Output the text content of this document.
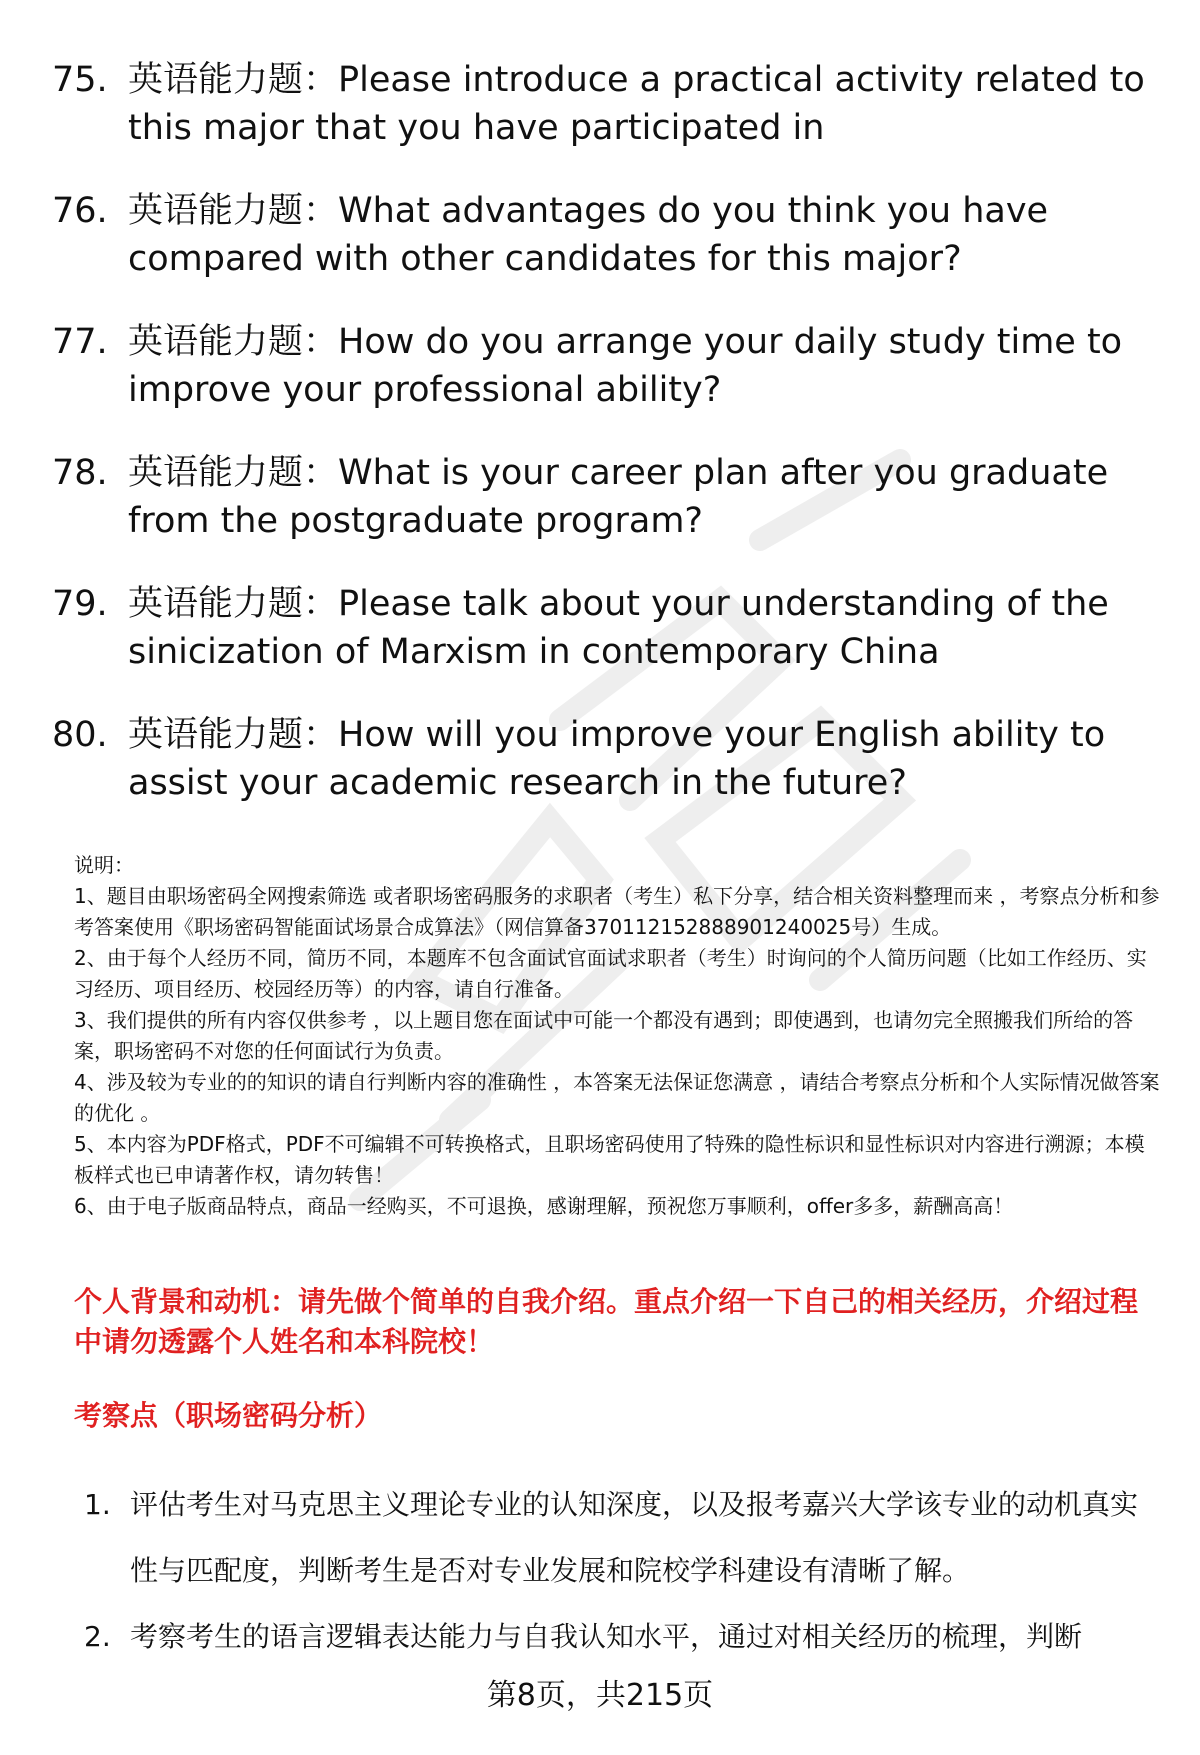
75. 英语能力题：Please introduce a practical activity related to this major that you have participated in
76. 英语能力题：What advantages do you think you have compared with other candidates for this major?
77. 英语能力题：How do you arrange your daily study time to improve your professional ability?
78. 英语能力题：What is your career plan after you graduate from the postgraduate program?
79. 英语能力题：Please talk about your understanding of the sinicization of Marxism in contemporary China
80. 英语能力题：How will you improve your English ability to assist your academic research in the future?
说明：
1、题目由职场密码全网搜索筛选 或者职场密码服务的求职者（考生）私下分享，结合相关资料整理而来 ，考察点分析和参考答案使用《职场密码智能面试场景合成算法》（网信算备370112152888901240025号）生成。
2、由于每个人经历不同，简历不同，本题库不包含面试官面试求职者（考生）时询问的个人简历问题（比如工作经历、实习经历、项目经历、校园经历等）的内容，请自行准备。
3、我们提供的所有内容仅供参考 ，以上题目您在面试中可能一个都没有遇到；即使遇到，也请勿完全照搬我们所给的答案，职场密码不对您的任何面试行为负责。
4、涉及较为专业的的知识的请自行判断内容的准确性 ，本答案无法保证您满意 ，请结合考察点分析和个人实际情况做答案的优化 。
5、本内容为PDF格式，PDF不可编辑不可转换格式，且职场密码使用了特殊的隐性标识和显性标识对内容进行溯源；本模板样式也已申请著作权，请勿转售！
6、由于电子版商品特点，商品一经购买，不可退换，感谢理解，预祝您万事顺利，offer多多，薪酬高高！
个人背景和动机：请先做个简单的自我介绍。重点介绍一下自己的相关经历，介绍过程中请勿透露个人姓名和本科院校！
考察点（职场密码分析）
1. 评估考生对马克思主义理论专业的认知深度，以及报考嘉兴大学该专业的动机真实性与匹配度，判断考生是否对专业发展和院校学科建设有清晰了解。
2. 考察考生的语言逻辑表达能力与自我认知水平，通过对相关经历的梳理，判断
第8页，共215页
